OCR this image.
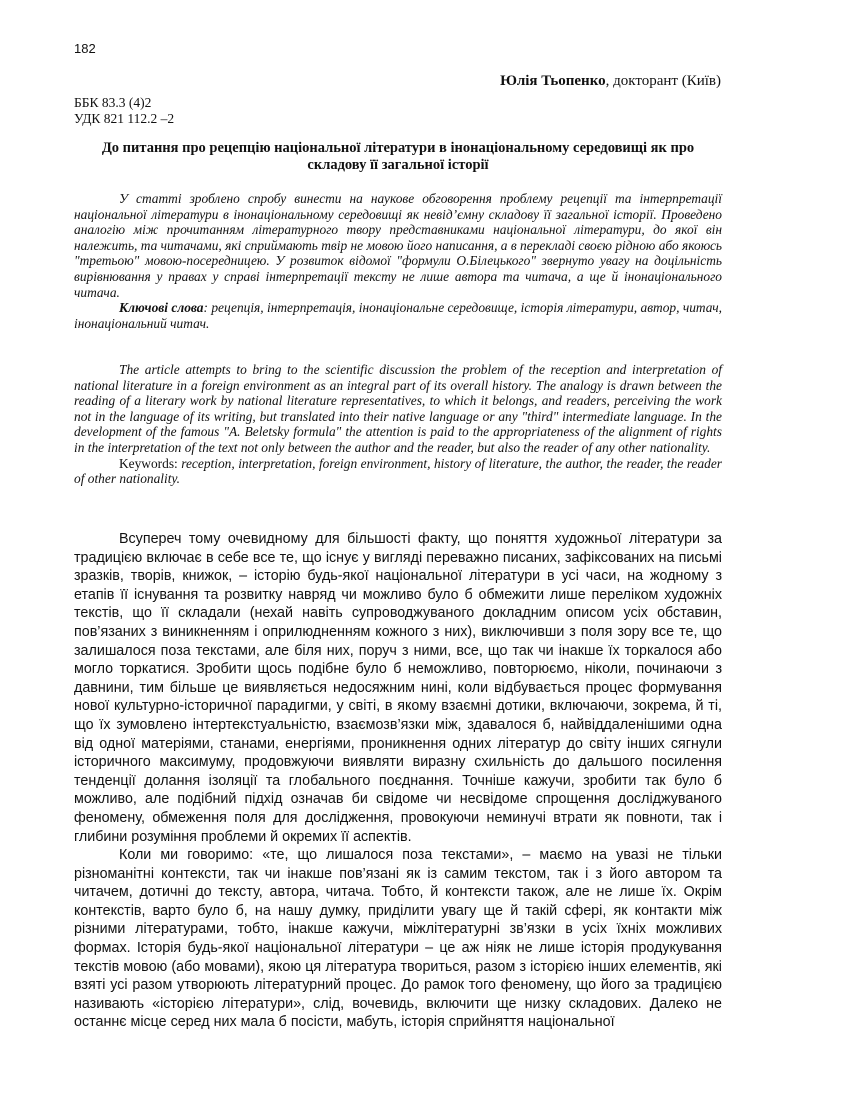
182
Юлія Тьопенко, докторант (Київ)
ББК 83.3 (4)2
УДК 821 112.2 –2
До питання про рецепцію національної літератури в інонаціональному середовищі як про складову її загальної історії

У статті зроблено спробу винести на наукове обговорення проблему рецепції та інтерпретації національної літератури в інонаціональному середовищі як невід’ємну складову її загальної історії. Проведено аналогію між прочитанням літературного твору представниками національної літератури, до якої він належить, та читачами, які сприймають твір не мовою його написання, а в перекладі своєю рідною або якоюсь "третьою" мовою-посередницею. У розвиток відомої "формули О.Білецького" звернуто увагу на доцільність вирівнювання у правах у справі інтерпретації тексту не лише автора та читача, а ще й інонаціонального читача.

Ключові слова: рецепція, інтерпретація, інонаціональне середовище, історія літератури, автор, читач, інонаціональний читач.

The article attempts to bring to the scientific discussion the problem of the reception and interpretation of national literature in a foreign environment as an integral part of its overall history. The analogy is drawn between the reading of a literary work by national literature representatives, to which it belongs, and readers, perceiving the work not in the language of its writing, but translated into their native language or any "third" intermediate language. In the development of the famous "A. Beletsky formula" the attention is paid to the appropriateness of the alignment of rights in the interpretation of the text not only between the author and the reader, but also the reader of any other nationality.

Keywords: reception, interpretation, foreign environment, history of literature, the author, the reader, the reader of other nationality.

Всупереч тому очевидному для більшості факту, що поняття художньої літератури за традицією включає в себе все те, що існує у вигляді переважно писаних, зафіксованих на письмі зразків, творів, книжок, – історію будь-якої національної літератури в усі часи, на жодному з етапів її існування та розвитку навряд чи можливо було б обмежити лише переліком художніх текстів, що її складали (нехай навіть супроводжуваного докладним описом усіх обставин, пов’язаних з виникненням і оприлюдненням кожного з них), виключивши з поля зору все те, що залишалося поза текстами, але біля них, поруч з ними, все, що так чи інакше їх торкалося або могло торкатися. Зробити щось подібне було б неможливо, повторюємо, ніколи, починаючи з давнини, тим більше це виявляється недосяжним нині, коли відбувається процес формування нової культурно-історичної парадигми, у світі, в якому взаємні дотики, включаючи, зокрема, й ті, що їх зумовлено інтертекстуальністю, взаємозв’язки між, здавалося б, найвіддаленішими одна від одної матеріями, станами, енергіями, проникнення одних літератур до світу інших сягнули історичного максимуму, продовжуючи виявляти виразну схильність до дальшого посилення тенденції долання ізоляції та глобального поєднання. Точніше кажучи, зробити так було б можливо, але подібний підхід означав би свідоме чи несвідоме спрощення досліджуваного феномену, обмеження поля для дослідження, провокуючи неминучі втрати як повноти, так і глибини розуміння проблеми й окремих її аспектів.

Коли ми говоримо: «те, що лишалося поза текстами», – маємо на увазі не тільки різноманітні контексти, так чи інакше пов’язані як із самим текстом, так і з його автором та читачем, дотичні до тексту, автора, читача. Тобто, й контексти також, але не лише їх. Окрім контекстів, варто було б, на нашу думку, приділити увагу ще й такій сфері, як контакти між різними літературами, тобто, інакше кажучи, міжлітературні зв’язки в усіх їхніх можливих формах. Історія будь-якої національної літератури – це аж ніяк не лише історія продукування текстів мовою (або мовами), якою ця література твориться, разом з історією інших елементів, які взяті усі разом утворюють літературний процес. До рамок того феномену, що його за традицією називають «історією літератури», слід, вочевидь, включити ще низку складових. Далеко не останнє місце серед них мала б посісти, мабуть, історія сприйняття національної
